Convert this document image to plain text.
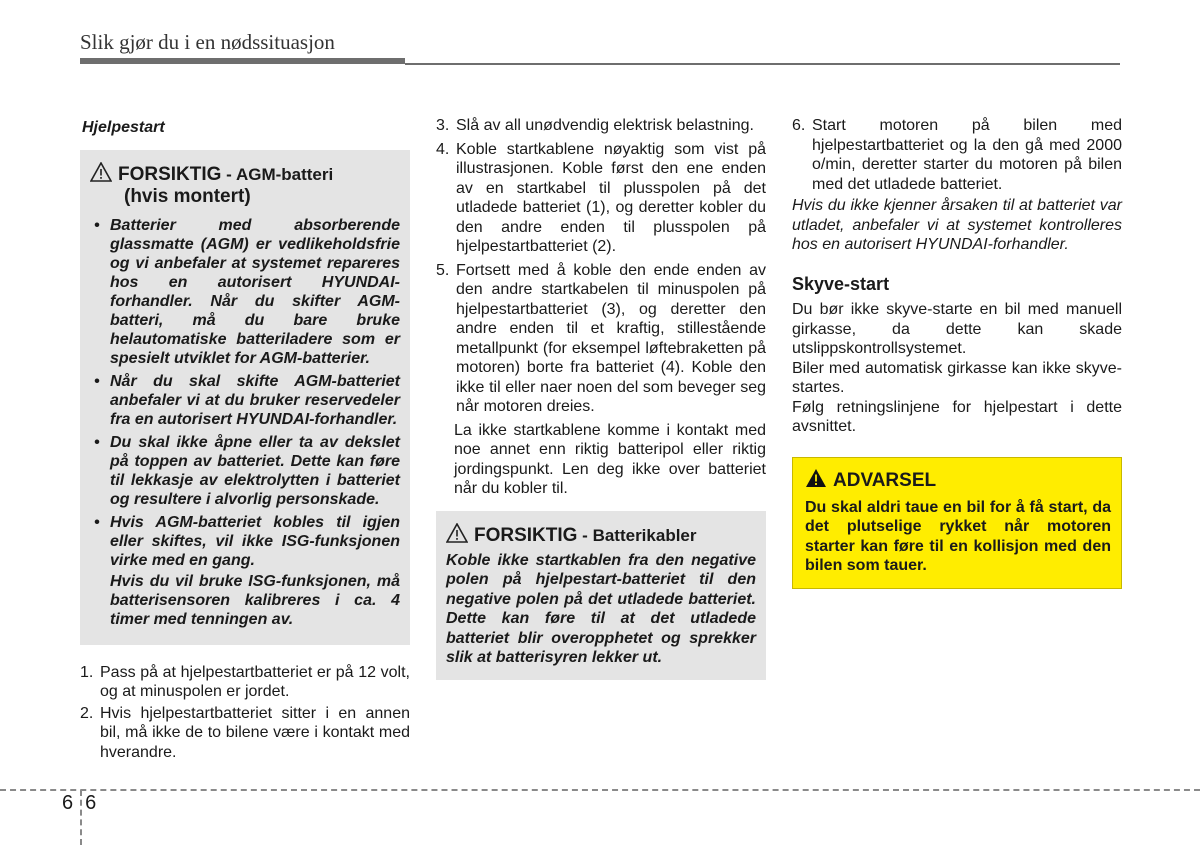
Slik gjør du i en nødssituasjon
Hjelpestart
FORSIKTIG - AGM-batteri
(hvis montert)
• Batterier med absorberende glassmatte (AGM) er vedlikeholdsfrie og vi anbefaler at systemet repareres hos en autorisert HYUNDAI-forhandler. Når du skifter AGM-batteri, må du bare bruke helautomatiske batteriladere som er spesielt utviklet for AGM-batterier.

• Når du skal skifte AGM-batteriet anbefaler vi at du bruker reservedeler fra en autorisert HYUNDAI-forhandler.

• Du skal ikke åpne eller ta av dekslet på toppen av batteriet. Dette kan føre til lekkasje av elektrolytten i batteriet og resultere i alvorlig personskade.

• Hvis AGM-batteriet kobles til igjen eller skiftes, vil ikke ISG-funksjonen virke med en gang.

Hvis du vil bruke ISG-funksjonen, må batterisensoren kalibreres i ca. 4 timer med tenningen av.

1. Pass på at hjelpestartbatteriet er på 12 volt, og at minuspolen er jordet.
2. Hvis hjelpestartbatteriet sitter i en annen bil, må ikke de to bilene være i kontakt med hverandre.
3. Slå av all unødvendig elektrisk belastning.
4. Koble startkablene nøyaktig som vist på illustrasjonen. Koble først den ene enden av en startkabel til plusspolen på det utladede batteriet (1), og deretter kobler du den andre enden til plusspolen på hjelpestartbatteriet (2).
5. Fortsett med å koble den ende enden av den andre startkabelen til minuspolen på hjelpestartbatteriet (3), og deretter den andre enden til et kraftig, stillestående metallpunkt (for eksempel løftebraketten på motoren) borte fra batteriet (4). Koble den ikke til eller naer noen del som beveger seg når motoren dreies.

La ikke startkablene komme i kontakt med noe annet enn riktig batteripol eller riktig jordingspunkt. Len deg ikke over batteriet når du kobler til.

FORSIKTIG - Batterikabler
Koble ikke startkablen fra den negative polen på hjelpestart-batteriet til den negative polen på det utladede batteriet. Dette kan føre til at det utladede batteriet blir overopphetet og sprekker slik at batterisyren lekker ut.
6. Start motoren på bilen med hjelpestartbatteriet og la den gå med 2000 o/min, deretter starter du motoren på bilen med det utladede batteriet.

Hvis du ikke kjenner årsaken til at batteriet var utladet, anbefaler vi at systemet kontrolleres hos en autorisert HYUNDAI-forhandler.

Skyve-start

Du bør ikke skyve-starte en bil med manuell girkasse, da dette kan skade utslippskontrollsystemet.

Biler med automatisk girkasse kan ikke skyve-startes.

Følg retningslinjene for hjelpestart i dette avsnittet.

ADVARSEL
Du skal aldri taue en bil for å få start, da det plutselige rykket når motoren starter kan føre til en kollisjon med den bilen som tauer.
6 6
